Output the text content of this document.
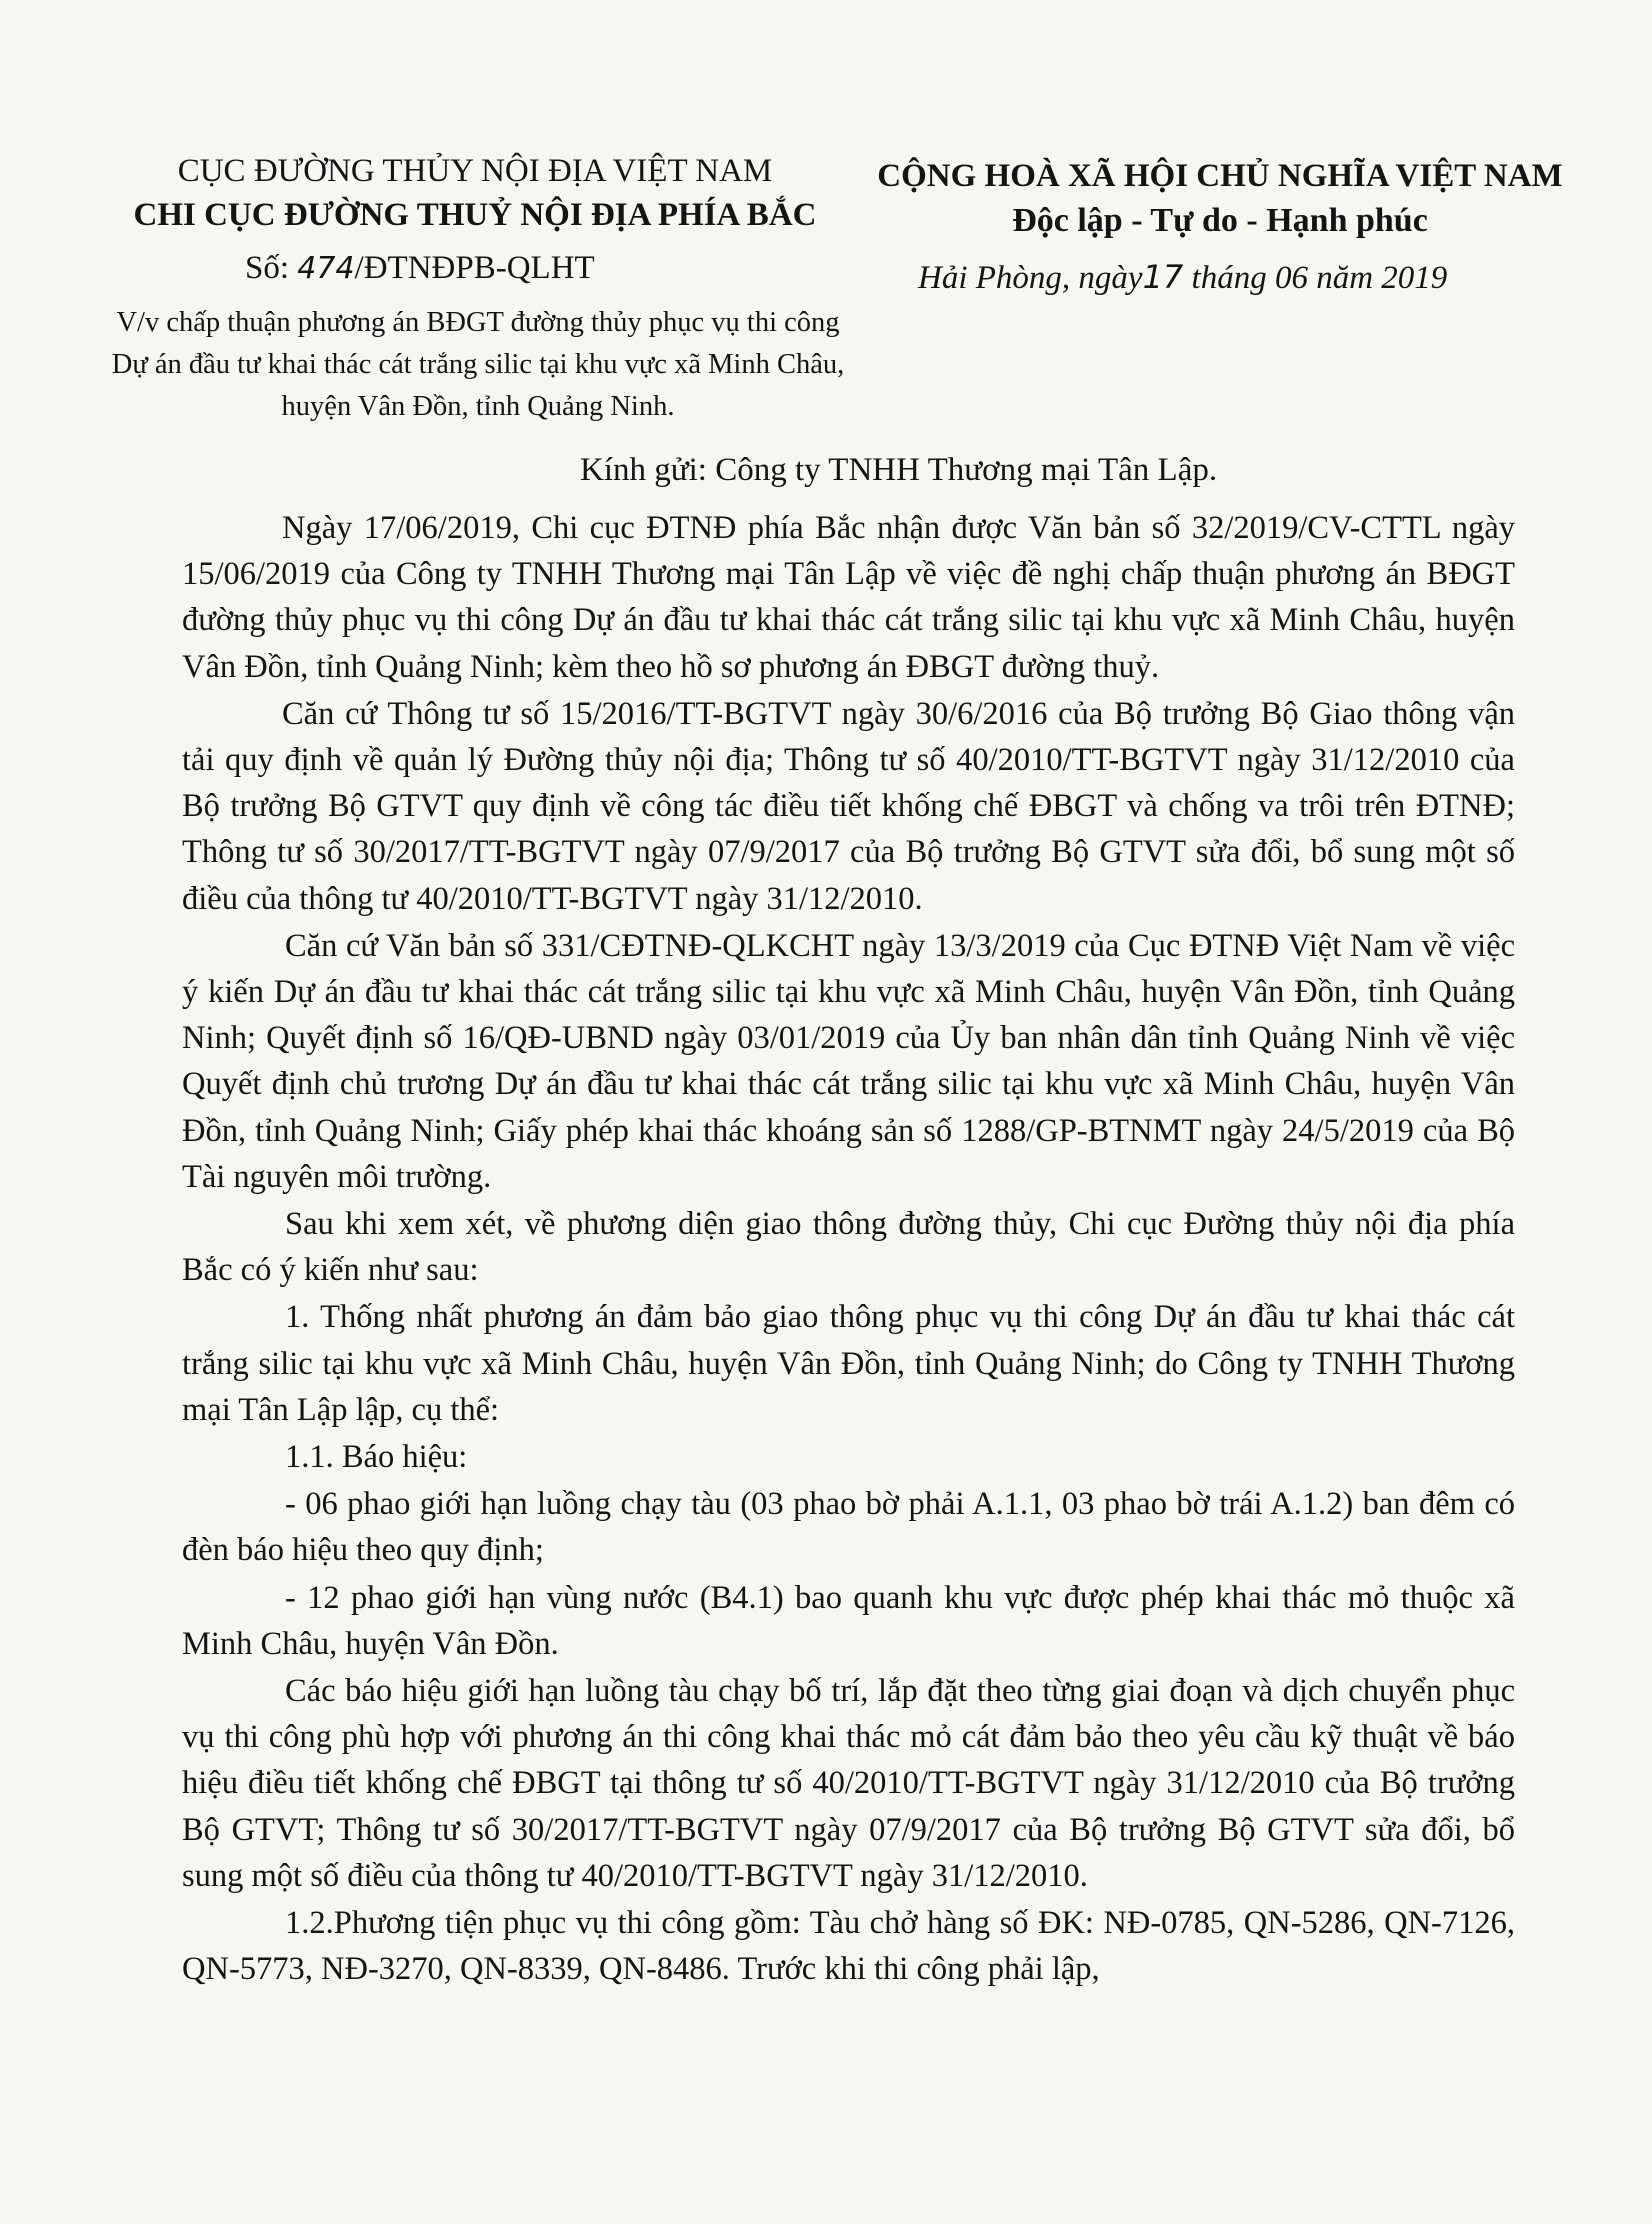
CỤC ĐƯỜNG THỦY NỘI ĐỊA VIỆT NAM
CHI CỤC ĐƯỜNG THUỶ NỘI ĐỊA PHÍA BẮC
CỘNG HOÀ XÃ HỘI CHỦ NGHĨA VIỆT NAM
Độc lập - Tự do - Hạnh phúc
Số: 474/ĐTNĐPB-QLHT	Hải Phòng, ngày17 tháng 06 năm 2019
V/v chấp thuận phương án BĐGT đường thủy phục vụ thi công Dự án đầu tư khai thác cát trắng silic tại khu vực xã Minh Châu, huyện Vân Đồn, tỉnh Quảng Ninh.
Kính gửi: Công ty TNHH Thương mại Tân Lập.

Ngày 17/06/2019, Chi cục ĐTNĐ phía Bắc nhận được Văn bản số 32/2019/CV-CTTL ngày 15/06/2019 của Công ty TNHH Thương mại Tân Lập về việc đề nghị chấp thuận phương án BĐGT đường thủy phục vụ thi công Dự án đầu tư khai thác cát trắng silic tại khu vực xã Minh Châu, huyện Vân Đồn, tỉnh Quảng Ninh; kèm theo hồ sơ phương án ĐBGT đường thuỷ.

Căn cứ Thông tư số 15/2016/TT-BGTVT ngày 30/6/2016 của Bộ trưởng Bộ Giao thông vận tải quy định về quản lý Đường thủy nội địa; Thông tư số 40/2010/TT-BGTVT ngày 31/12/2010 của Bộ trưởng Bộ GTVT quy định về công tác điều tiết khống chế ĐBGT và chống va trôi trên ĐTNĐ; Thông tư số 30/2017/TT-BGTVT ngày 07/9/2017 của Bộ trưởng Bộ GTVT sửa đổi, bổ sung một số điều của thông tư 40/2010/TT-BGTVT ngày 31/12/2010.

Căn cứ Văn bản số 331/CĐTNĐ-QLKCHT ngày 13/3/2019 của Cục ĐTNĐ Việt Nam về việc ý kiến Dự án đầu tư khai thác cát trắng silic tại khu vực xã Minh Châu, huyện Vân Đồn, tỉnh Quảng Ninh; Quyết định số 16/QĐ-UBND ngày 03/01/2019 của Ủy ban nhân dân tỉnh Quảng Ninh về việc Quyết định chủ trương Dự án đầu tư khai thác cát trắng silic tại khu vực xã Minh Châu, huyện Vân Đồn, tỉnh Quảng Ninh; Giấy phép khai thác khoáng sản số 1288/GP-BTNMT ngày 24/5/2019 của Bộ Tài nguyên môi trường.

Sau khi xem xét, về phương diện giao thông đường thủy, Chi cục Đường thủy nội địa phía Bắc có ý kiến như sau:

1. Thống nhất phương án đảm bảo giao thông phục vụ thi công Dự án đầu tư khai thác cát trắng silic tại khu vực xã Minh Châu, huyện Vân Đồn, tỉnh Quảng Ninh; do Công ty TNHH Thương mại Tân Lập lập, cụ thể:

1.1. Báo hiệu:

- 06 phao giới hạn luồng chạy tàu (03 phao bờ phải A.1.1, 03 phao bờ trái A.1.2) ban đêm có đèn báo hiệu theo quy định;

- 12 phao giới hạn vùng nước (B4.1) bao quanh khu vực được phép khai thác mỏ thuộc xã Minh Châu, huyện Vân Đồn.

Các báo hiệu giới hạn luồng tàu chạy bố trí, lắp đặt theo từng giai đoạn và dịch chuyển phục vụ thi công phù hợp với phương án thi công khai thác mỏ cát đảm bảo theo yêu cầu kỹ thuật về báo hiệu điều tiết khống chế ĐBGT tại thông tư số 40/2010/TT-BGTVT ngày 31/12/2010 của Bộ trưởng Bộ GTVT; Thông tư số 30/2017/TT-BGTVT ngày 07/9/2017 của Bộ trưởng Bộ GTVT sửa đổi, bổ sung một số điều của thông tư 40/2010/TT-BGTVT ngày 31/12/2010.

1.2.Phương tiện phục vụ thi công gồm: Tàu chở hàng số ĐK: NĐ-0785, QN-5286, QN-7126, QN-5773, NĐ-3270, QN-8339, QN-8486. Trước khi thi công phải lập,
